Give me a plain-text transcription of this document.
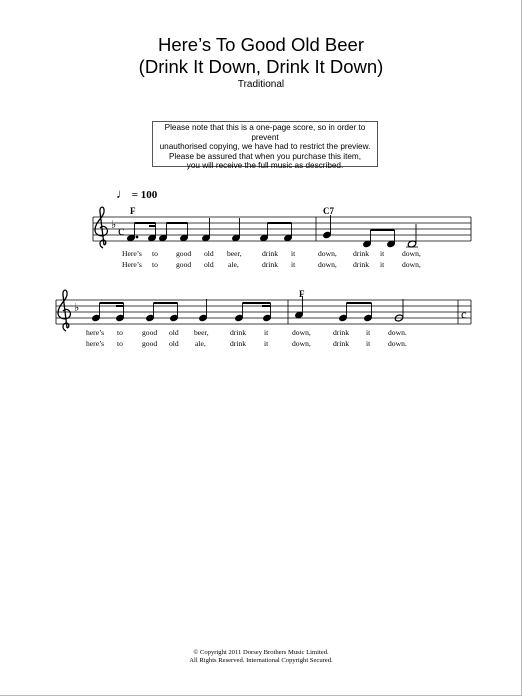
Here’s To Good Old Beer
(Drink It Down, Drink It Down)
Traditional
Please note that this is a one-page score, so in order to prevent
unauthorised copying, we have had to restrict the preview.
Please be assured that when you purchase this item,
you will receive the full music as described.
♩ = 100
♭ c
F	C7
Here’s to good old beer,	drink it	down, drink it down,
Here’s to good old ale,	drink it	down, drink it down,
♭	c
F
here’s to	good old beer,	drink it	down,	drink it down.
here’s to	good old ale,	drink it	down,	drink it down.
© Copyright 2011 Dorsey Brothers Music Limited.
All Rights Reserved. International Copyright Secured.
